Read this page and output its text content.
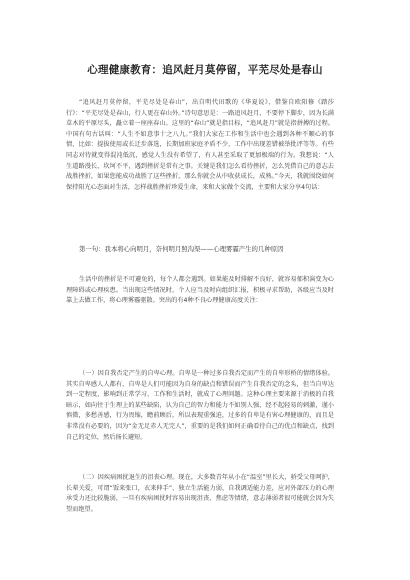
心理健康教育：追风赶月莫停留，平芜尽处是春山

“追风赶月莫停留，平芜尽处是春山”，出自明代田歌的《华夏说》，借鉴自欧阳修《踏莎行》：“平芜尽处是春山，行人更在春山外。”诗句意思是：一路追风赶月，不要停下脚步，因为长满草木的平原尽头，矗立着一座座春山。这里的“春山”就是指目标，“追风赶月”就是指拼搏的过程。中国有句古话叫：“人生不如意事十之八九。”我们大家在工作和生活中也会遇到各种不顺心的事情，比如：提拔使用或长迁步落选，长期加班家庭矛盾不少，工作中出现差错被举批评等等。有些同志对待就变得混沌低沉，感觉人生没有希望了，有人甚至采取了更加极端的行为。我想说：“人生道路漫长，坎坷不平，遇到挫折是常有之事。关键是我们怎么看待挫折，怎么凭借自己的意志去战胜挫折，如果您能成功战胜了这些挫折，那么你就会从中收获成长，成熟。”今天，我就围绕如何保持阳光心态面对生活，怎样战胜挫折珍爱生命，来和大家做个交流，主要和大家分享4句话：

第一句：我本将心向明月，奈何明月照沟渠——心理雾霾产生的几种原因

生活中的挫折是不可避免的，每个人都会遇到。如果能及时排解不良好，就容易郁积演变为心理障碍或心理疾患。当出现这些情况时，个人应当及时向组织汇报，积极寻求帮助，各级应当及时靠上去做工作，将心理雾霾驱散。突出的有4种不良心理健康高度关注：

（一）因自我否定产生的自卑心理。自卑是一种过多自我否定而产生的自卑形桥的情绪体验。其实自卑感人人都有，自卑是人们可能因为自身的缺点和错误而产生自我否定的念头，但当自卑达到一定程度，影响到正常学习、工作和生活时，就成了心理问题。这种心理主要来源于消极的自我暗示，如向往于生理上的某些缺陷，认为自己的智力和能力不如别人强，经不起轻易的刺激，谨小慎微，多愁善感，行为畏缩，瞻前顾后，所以表现重强迫，过多的自卑是有害心理健康的，而且是非常没有必要的，因为“金无足赤人无完人”，重要的是我们如何正确看待自己的优点和缺点，找到自己的定位，然后扬长避短。

（二）因疾病困扰退生的沮丧心理。现在，大多数青年从小在“温室”里长大，骄受父母呵护，长辈关爱，可谓“饭来张口，衣来伸手”，独立生活能力弱，自我调适能力差，应对外部压力的心理承受力还比较脆弱，一旦有疾病困扰时容易出现沮丧、焦虑等情绪，意志薄弱者很可能就会因为失望而绝望。
